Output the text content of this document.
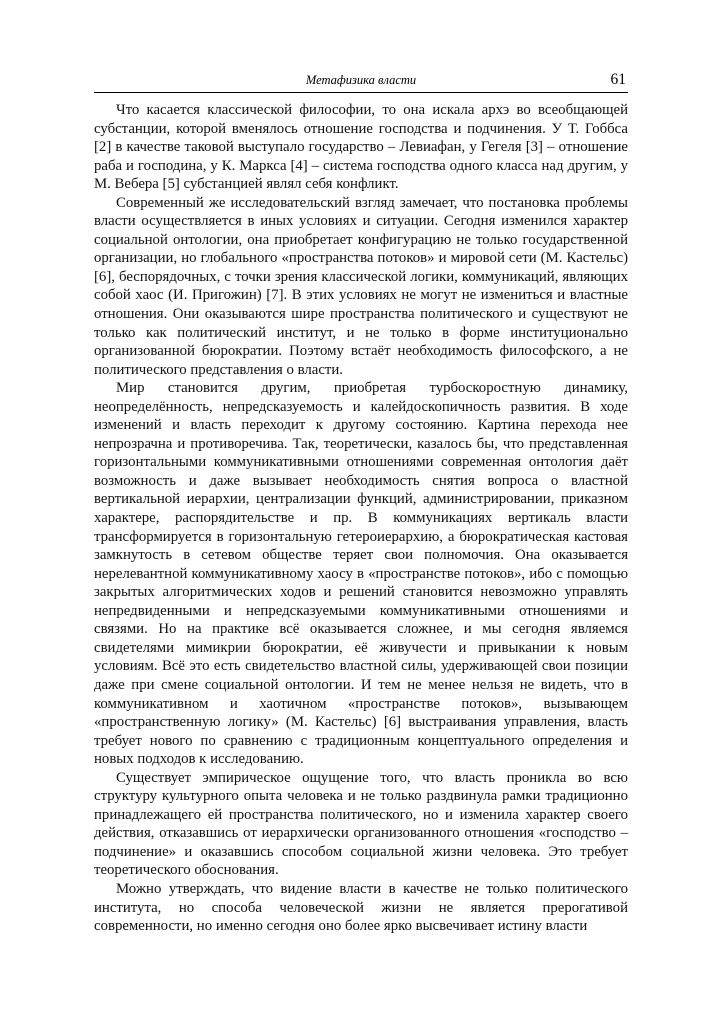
Метафизика власти	61

Что касается классической философии, то она искала архэ во всеобщающей субстанции, которой вменялось отношение господства и подчинения. У Т. Гоббса [2] в качестве таковой выступало государство – Левиафан, у Гегеля [3] – отношение раба и господина, у К. Маркса [4] – система господства одного класса над другим, у М. Вебера [5] субстанцией являл себя конфликт.

Современный же исследовательский взгляд замечает, что постановка проблемы власти осуществляется в иных условиях и ситуации. Сегодня изменился характер социальной онтологии, она приобретает конфигурацию не только государственной организации, но глобального «пространства потоков» и мировой сети (М. Кастельс) [6], беспорядочных, с точки зрения классической логики, коммуникаций, являющих собой хаос (И. Пригожин) [7]. В этих условиях не могут не измениться и властные отношения. Они оказываются шире пространства политического и существуют не только как политический институт, и не только в форме институционально организованной бюрократии. Поэтому встаёт необходимость философского, а не политического представления о власти.

Мир становится другим, приобретая турбоскоростную динамику, неопределённость, непредсказуемость и калейдоскопичность развития. В ходе изменений и власть переходит к другому состоянию. Картина перехода нее непрозрачна и противоречива. Так, теоретически, казалось бы, что представленная горизонтальными коммуникативными отношениями современная онтология даёт возможность и даже вызывает необходимость снятия вопроса о властной вертикальной иерархии, централизации функций, администрировании, приказном характере, распорядительстве и пр. В коммуникациях вертикаль власти трансформируется в горизонтальную гетероиерархию, а бюрократическая кастовая замкнутость в сетевом обществе теряет свои полномочия. Она оказывается нерелевантной коммуникативному хаосу в «пространстве потоков», ибо с помощью закрытых алгоритмических ходов и решений становится невозможно управлять непредвиденными и непредсказуемыми коммуникативными отношениями и связями. Но на практике всё оказывается сложнее, и мы сегодня являемся свидетелями мимикрии бюрократии, её живучести и привыкании к новым условиям. Всё это есть свидетельство властной силы, удерживающей свои позиции даже при смене социальной онтологии. И тем не менее нельзя не видеть, что в коммуникативном и хаотичном «пространстве потоков», вызывающем «пространственную логику» (М. Кастельс) [6] выстраивания управления, власть требует нового по сравнению с традиционным концептуального определения и новых подходов к исследованию.

Существует эмпирическое ощущение того, что власть проникла во всю структуру культурного опыта человека и не только раздвинула рамки традиционно принадлежащего ей пространства политического, но и изменила характер своего действия, отказавшись от иерархически организованного отношения «господство – подчинение» и оказавшись способом социальной жизни человека. Это требует теоретического обоснования.

Можно утверждать, что видение власти в качестве не только политического института, но способа человеческой жизни не является прерогативой современности, но именно сегодня оно более ярко высвечивает истину власти
